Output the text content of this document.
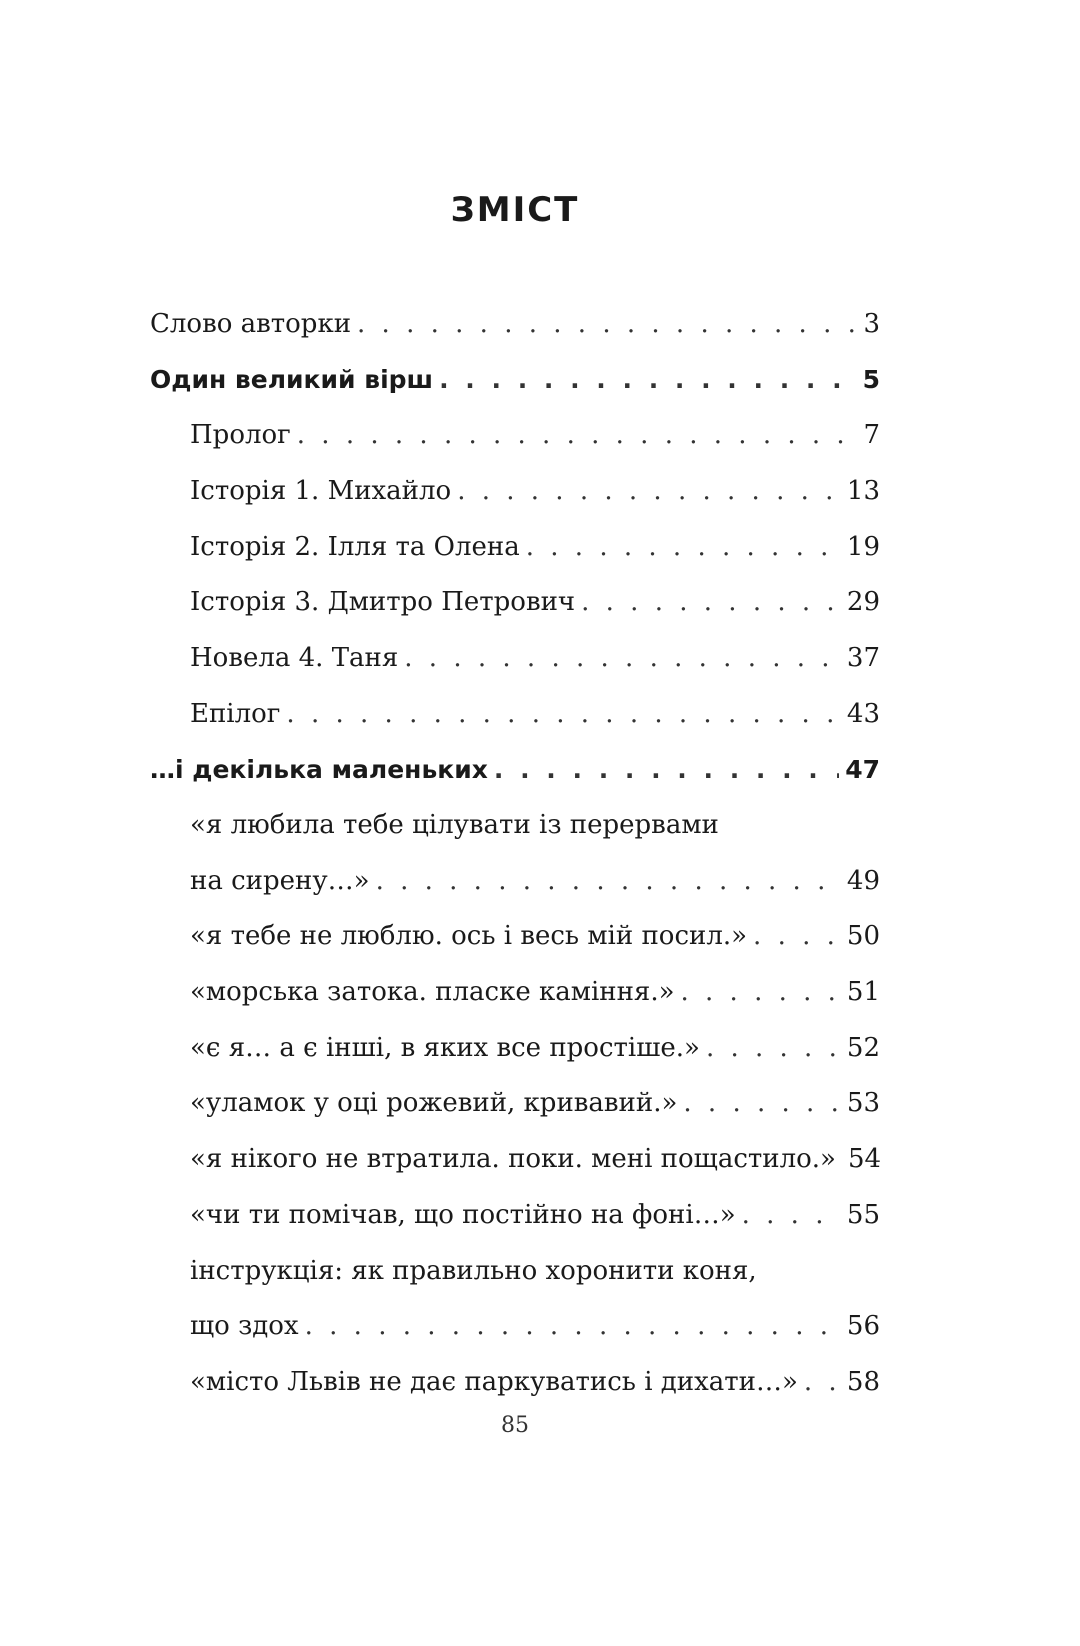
ЗМІСТ
Слово авторки . . .	3
Один великий вірш . . .	5
Пролог . . .	7
Історія 1. Михайло . . .	13
Історія 2. Ілля та Олена . . .	19
Історія 3. Дмитро Петрович . . .	29
Новела 4. Таня . . .	37
Епілог . . .	43
…і декілька маленьких . . .	47
«я любила тебе цілувати із перервами
на сирену…» . . .	49
«я тебе не люблю. ось і весь мій посил.» . . .	50
«морська затока. пласке каміння.» . . .	51
«є я… а є інші, в яких все простіше.» . . .	52
«уламок у оці рожевий, кривавий.» . . .	53
«я нікого не втратила. поки. мені пощастило.» 54
«чи ти помічав, що постійно на фоні…» . . .	55
інструкція: як правильно хоронити коня,
що здох . . .	56
«місто Львів не дає паркуватись і дихати…» . . . 58
85
